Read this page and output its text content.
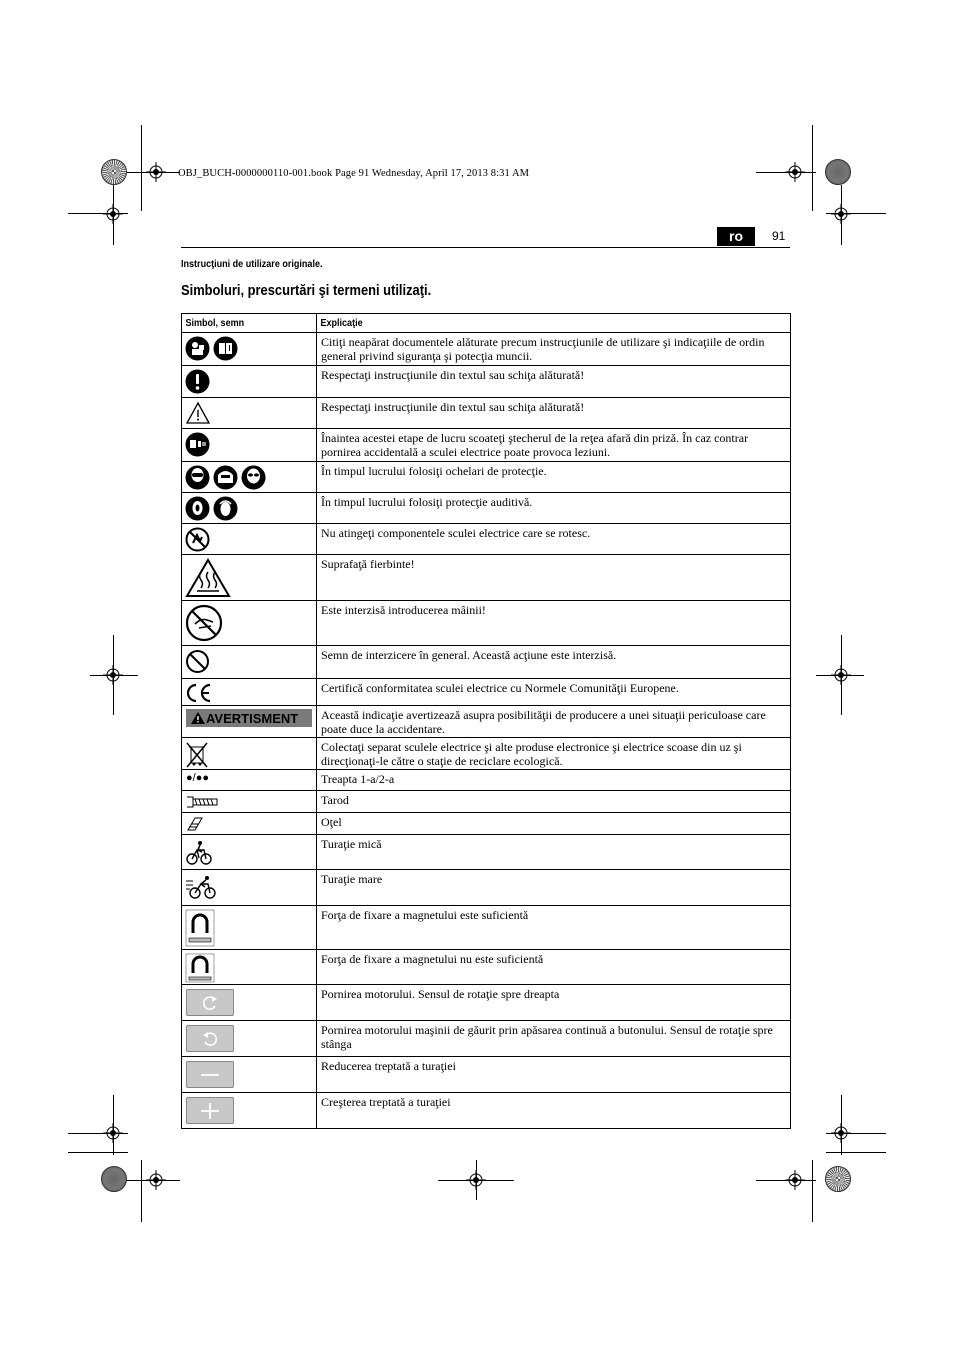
OBJ_BUCH-0000000110-001.book Page 91 Wednesday, April 17, 2013 8:31 AM
ro	91
Instrucţiuni de utilizare originale.
Simboluri, prescurtări şi termeni utilizaţi.
Simbol, semn	Explicaţie

Citiţi neapărat documentele alăturate precum instrucţiunile de utilizare şi indicaţiile de ordin general privind siguranţa şi potecţia muncii.

Respectaţi instrucţiunile din textul sau schiţa alăturată!

Respectaţi instrucţiunile din textul sau schiţa alăturată!

Înaintea acestei etape de lucru scoateţi ştecherul de la reţea afară din priză. În caz contrar pornirea accidentală a sculei electrice poate provoca leziuni.

În timpul lucrului folosiţi ochelari de protecţie.

În timpul lucrului folosiţi protecţie auditivă.

Nu atingeţi componentele sculei electrice care se rotesc.

Suprafaţă fierbinte!

Este interzisă introducerea mâinii!

Semn de interzicere în general. Această acţiune este interzisă.

Certifică conformitatea sculei electrice cu Normele Comunităţii Europene.

AVERTISMENT	Această indicaţie avertizează asupra posibilităţii de producere a unei situaţii periculoase care poate duce la accidentare.

Colectaţi separat sculele electrice şi alte produse electronice şi electrice scoase din uz şi direcţionaţi-le către o staţie de reciclare ecologică.

●/●●	Treapta 1-a/2-a

Tarod

Oţel

Turaţie mică

Turaţie mare

Forţa de fixare a magnetului este suficientă

Forţa de fixare a magnetului nu este suficientă

Pornirea motorului. Sensul de rotaţie spre dreapta

Pornirea motorului maşinii de găurit prin apăsarea continuă a butonului. Sensul de rotaţie spre stânga

Reducerea treptată a turaţiei

Creşterea treptată a turaţiei
